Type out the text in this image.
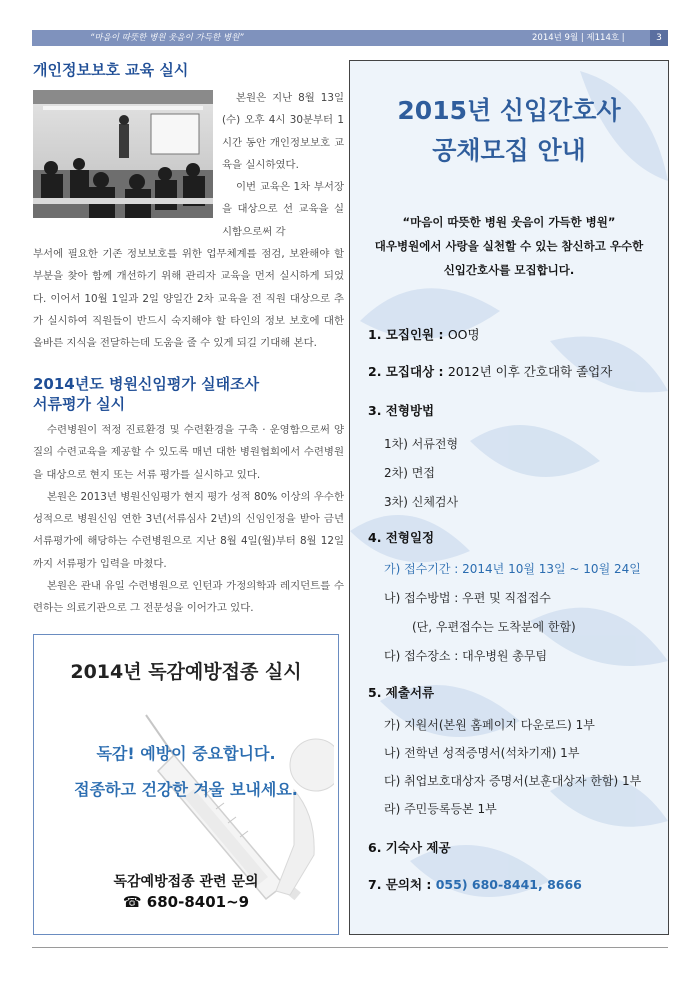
“마음이 따뜻한 병원 웃음이 가득한 병원”	2014년 9월 | 제114호 |	3
개인정보보호 교육 실시

본원은 지난 8월 13일(수) 오후 4시 30분부터 1시간 동안 개인정보보호 교육을 실시하였다.

이번 교육은 1차 부서장을 대상으로 선 교육을 실시함으로써 각

부서에 필요한 기존 정보보호를 위한 업무체계를 점검, 보완해야 할 부분을 찾아 함께 개선하기 위해 관리자 교육을 먼저 실시하게 되었다. 이어서 10월 1일과 2일 양일간 2차 교육을 전 직원 대상으로 추가 실시하여 직원들이 반드시 숙지해야 할 타인의 정보 보호에 대한 올바른 지식을 전달하는데 도움을 줄 수 있게 되길 기대해 본다.

2014년도 병원신임평가 실태조사
서류평가 실시

수련병원이 적정 진료환경 및 수련환경을 구축 · 운영함으로써 양질의 수련교육을 제공할 수 있도록 매년 대한 병원협회에서 수련병원을 대상으로 현지 또는 서류 평가를 실시하고 있다.

본원은 2013년 병원신임평가 현지 평가 성적 80% 이상의 우수한 성적으로 병원신임 연한 3년(서류심사 2년)의 신임인정을 받아 금년 서류평가에 해당하는 수련병원으로 지난 8월 4일(월)부터 8월 12일까지 서류평가 입력을 마쳤다.

본원은 관내 유일 수련병원으로 인턴과 가정의학과 레지던트를 수련하는 의료기관으로 그 전문성을 이어가고 있다.

2014년 독감예방접종 실시
독감! 예방이 중요합니다.
접종하고 건강한 겨울 보내세요.
독감예방접종 관련 문의
☎ 680-8401~9
2015년 신입간호사
공채모집 안내
“마음이 따뜻한 병원 웃음이 가득한 병원”
대우병원에서 사랑을 실천할 수 있는 참신하고 우수한
신입간호사를 모집합니다.
1. 모집인원 : OO명
2. 모집대상 : 2012년 이후 간호대학 졸업자
3. 전형방법
1차) 서류전형
2차) 면접
3차) 신체검사
4. 전형일정
가) 접수기간 : 2014년 10월 13일 ~ 10월 24일
나) 접수방법 : 우편 및 직접접수
(단, 우편접수는 도착분에 한함)
다) 접수장소 : 대우병원 총무팀
5. 제출서류
가) 지원서(본원 홈페이지 다운로드) 1부
나) 전학년 성적증명서(석차기재) 1부
다) 취업보호대상자 증명서(보훈대상자 한함) 1부
라) 주민등록등본 1부
6. 기숙사 제공
7. 문의처 : 055) 680-8441, 8666
